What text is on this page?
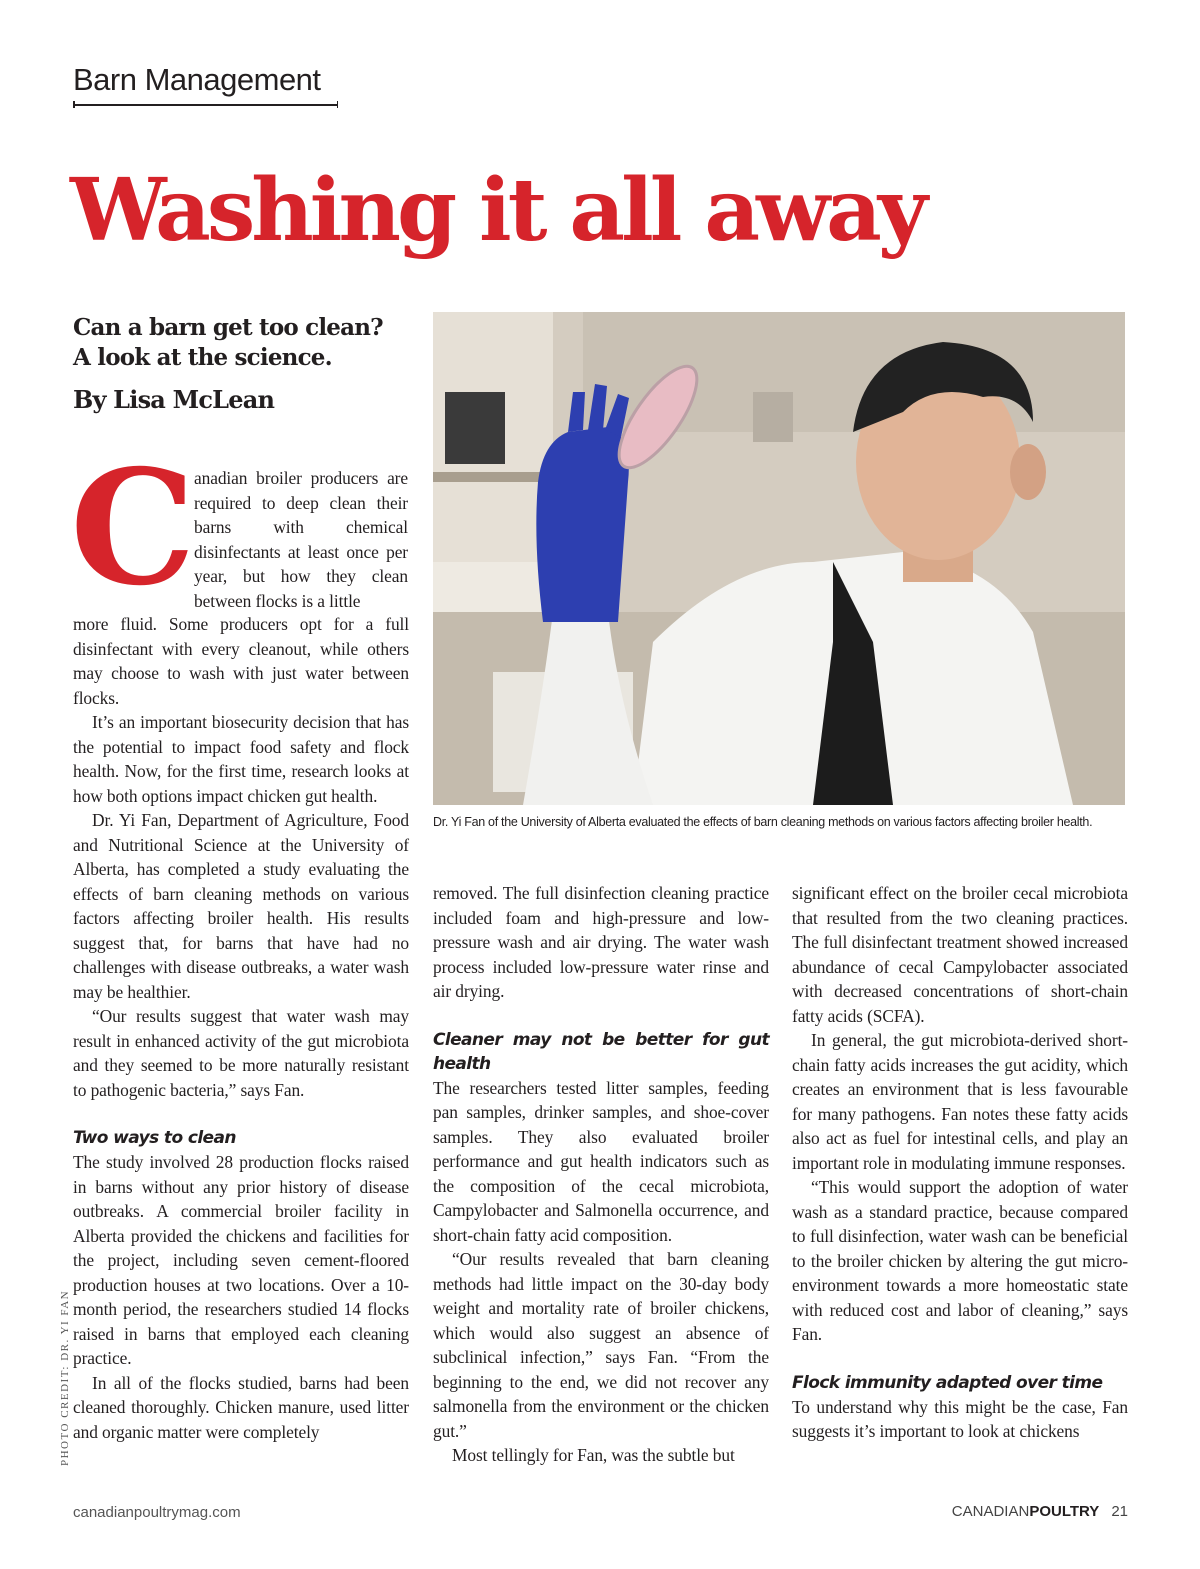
Barn Management
Washing it all away
Can a barn get too clean?
A look at the science.
By Lisa McLean
Dr. Yi Fan of the University of Alberta evaluated the effects of barn cleaning methods on various factors affecting broiler health.
C

anadian broiler producers are required to deep clean their barns with chemical disinfectants at least once per year, but how they clean between flocks is a little

more fluid. Some producers opt for a full disinfectant with every cleanout, while others may choose to wash with just water between flocks.

It’s an important biosecurity decision that has the potential to impact food safety and flock health. Now, for the first time, research looks at how both options impact chicken gut health.

Dr. Yi Fan, Department of Agriculture, Food and Nutritional Science at the University of Alberta, has completed a study evaluating the effects of barn cleaning methods on various factors affecting broiler health. His results suggest that, for barns that have had no challenges with disease outbreaks, a water wash may be healthier.

“Our results suggest that water wash may result in enhanced activity of the gut microbiota and they seemed to be more naturally resistant to pathogenic bacteria,” says Fan.

Two ways to clean

The study involved 28 production flocks raised in barns without any prior history of disease outbreaks. A commercial broiler facility in Alberta provided the chickens and facilities for the project, including seven cement-floored production houses at two locations. Over a 10-month period, the researchers studied 14 flocks raised in barns that employed each cleaning practice.

In all of the flocks studied, barns had been cleaned thoroughly. Chicken manure, used litter and organic matter were completely

removed. The full disinfection cleaning practice included foam and high-pressure and low-pressure wash and air drying. The water wash process included low-pressure water rinse and air drying.

Cleaner may not be better for gut health

The researchers tested litter samples, feeding pan samples, drinker samples, and shoe-cover samples. They also evaluated broiler performance and gut health indicators such as the composition of the cecal microbiota, Campylobacter and Salmonella occurrence, and short-chain fatty acid composition.

“Our results revealed that barn cleaning methods had little impact on the 30-day body weight and mortality rate of broiler chickens, which would also suggest an absence of subclinical infection,” says Fan. “From the beginning to the end, we did not recover any salmonella from the environment or the chicken gut.”

Most tellingly for Fan, was the subtle but

significant effect on the broiler cecal microbiota that resulted from the two cleaning practices. The full disinfectant treatment showed increased abundance of cecal Campylobacter associated with decreased concentrations of short-chain fatty acids (SCFA).

In general, the gut microbiota-derived short-chain fatty acids increases the gut acidity, which creates an environment that is less favourable for many pathogens. Fan notes these fatty acids also act as fuel for intestinal cells, and play an important role in modulating immune responses.

“This would support the adoption of water wash as a standard practice, because compared to full disinfection, water wash can be beneficial to the broiler chicken by altering the gut micro-environment towards a more homeostatic state with reduced cost and labor of cleaning,” says Fan.

Flock immunity adapted over time

To understand why this might be the case, Fan suggests it’s important to look at chickens

PHOTO CREDIT: DR. YI FAN
canadianpoultrymag.com	CANADIANPOULTRY 21
